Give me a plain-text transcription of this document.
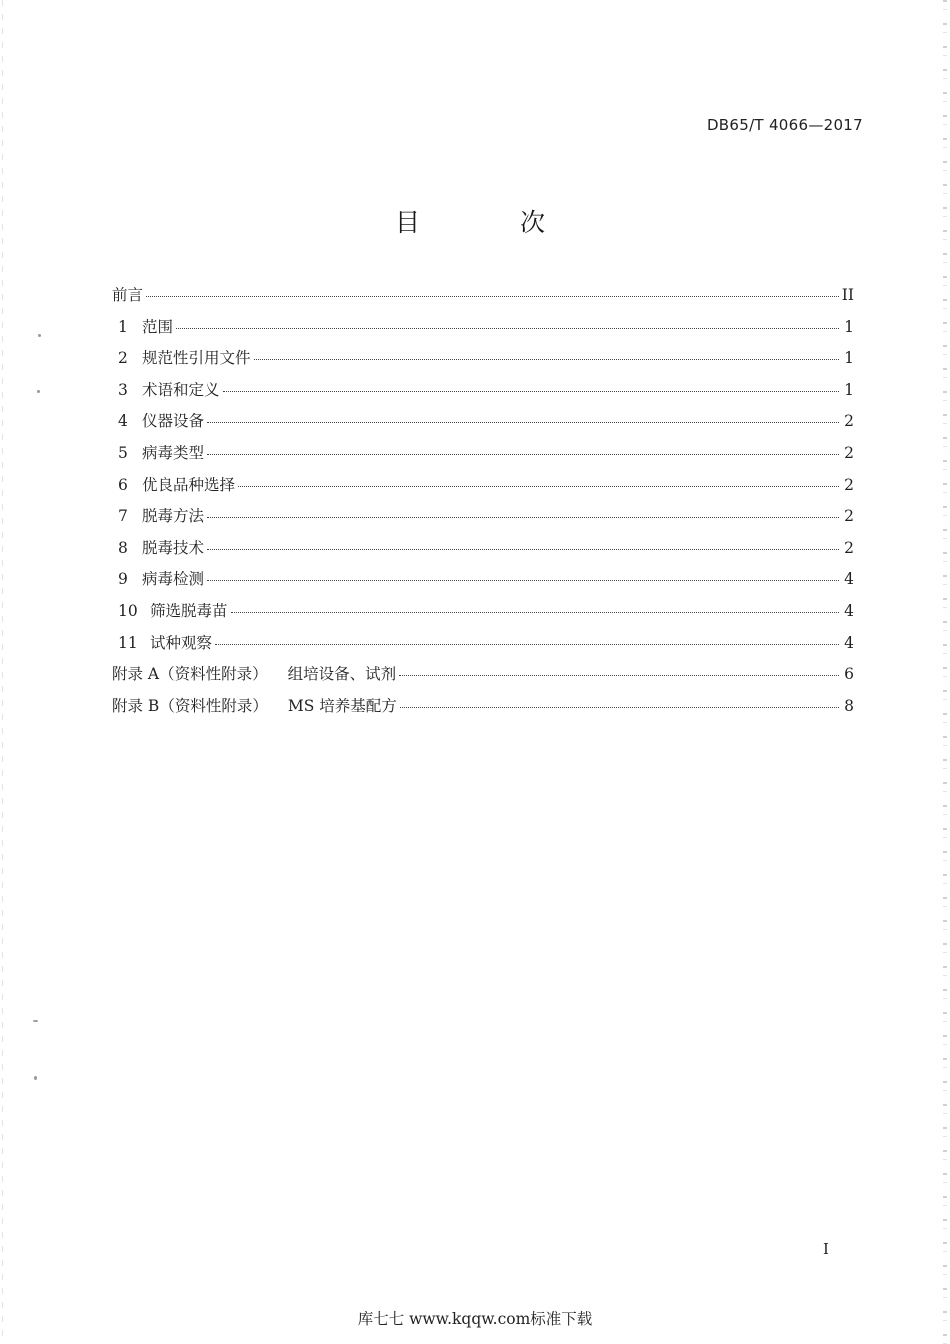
DB65/T 4066—2017
目 次
前言	II
1 范围	1
2 规范性引用文件	1
3 术语和定义	1
4 仪器设备	2
5 病毒类型	2
6 优良品种选择	2
7 脱毒方法	2
8 脱毒技术	2
9 病毒检测	4
10 筛选脱毒苗	4
11 试种观察	4
附录 A（资料性附录） 组培设备、试剂	6
附录 B（资料性附录） MS 培养基配方	8
I
库七七 www.kqqw.com标准下载
